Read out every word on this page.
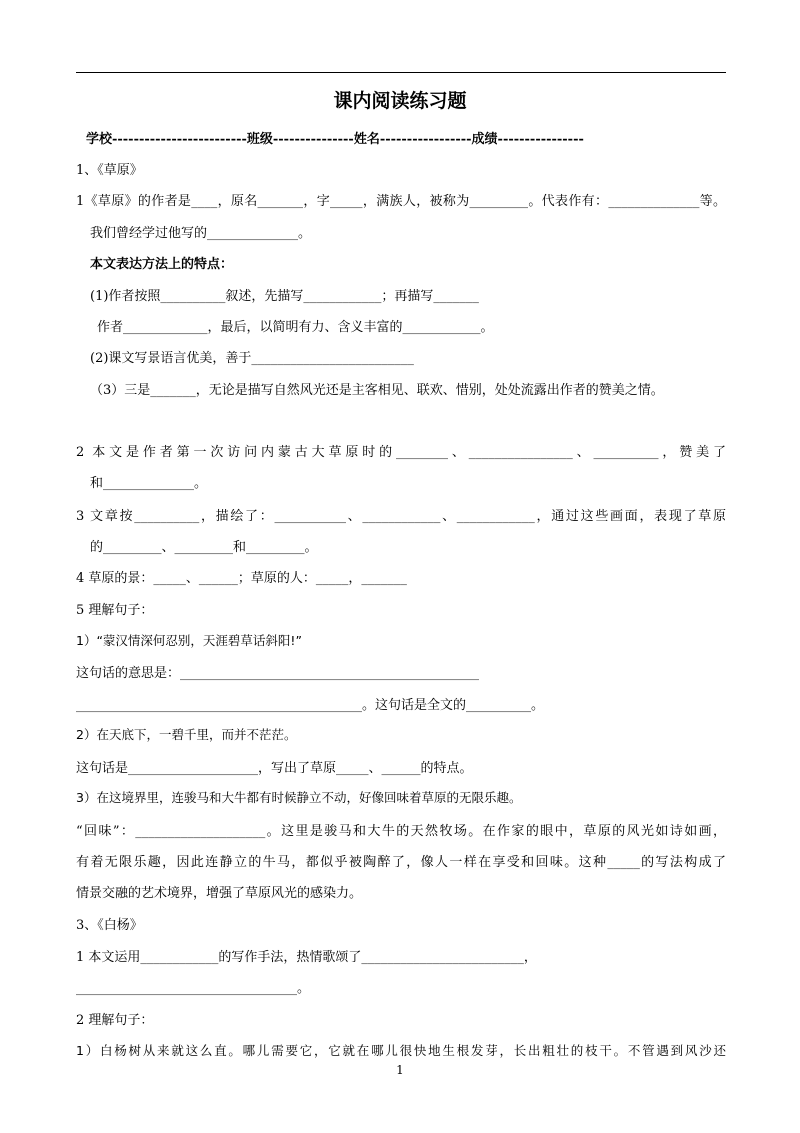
课内阅读练习题
学校-------------------------班级---------------姓名-----------------成绩----------------
1、《草原》
1《草原》的作者是____，原名_______，字_____，满族人，被称为_________。代表作有：______________等。
我们曾经学过他写的______________。
本文表达方法上的特点：
(1)作者按照__________叙述，先描写____________；再描写_______
作者_____________，最后，以简明有力、含义丰富的____________。
(2)课文写景语言优美，善于_________________________
（3）三是_______，无论是描写自然风光还是主客相见、联欢、惜别，处处流露出作者的赞美之情。
2 本文是作者第一次访问内蒙古大草原时的________、________________、__________，赞美了
和______________。
3 文章按__________，描绘了：___________、____________、____________，通过这些画面，表现了草原
的_________、_________和_________。
4 草原的景：_____、______；草原的人：_____，_______
5 理解句子：
1）“蒙汉情深何忍别，天涯碧草话斜阳!”
这句话的意思是：______________________________________________
____________________________________________。这句话是全文的__________。
2）在天底下，一碧千里，而并不茫茫。
这句话是____________________，写出了草原_____、______的特点。
3）在这境界里，连骏马和大牛都有时候静立不动，好像回味着草原的无限乐趣。
“回味”：____________________。这里是骏马和大牛的天然牧场。在作家的眼中，草原的风光如诗如画，
有着无限乐趣，因此连静立的牛马，都似乎被陶醉了，像人一样在享受和回味。这种_____的写法构成了
情景交融的艺术境界，增强了草原风光的感染力。
3、《白杨》
1 本文运用____________的写作手法，热情歌颂了_________________________，
__________________________________。
2 理解句子：
1）白杨树从来就这么直。哪儿需要它，它就在哪儿很快地生根发芽，长出粗壮的枝干。不管遇到风沙还
1
